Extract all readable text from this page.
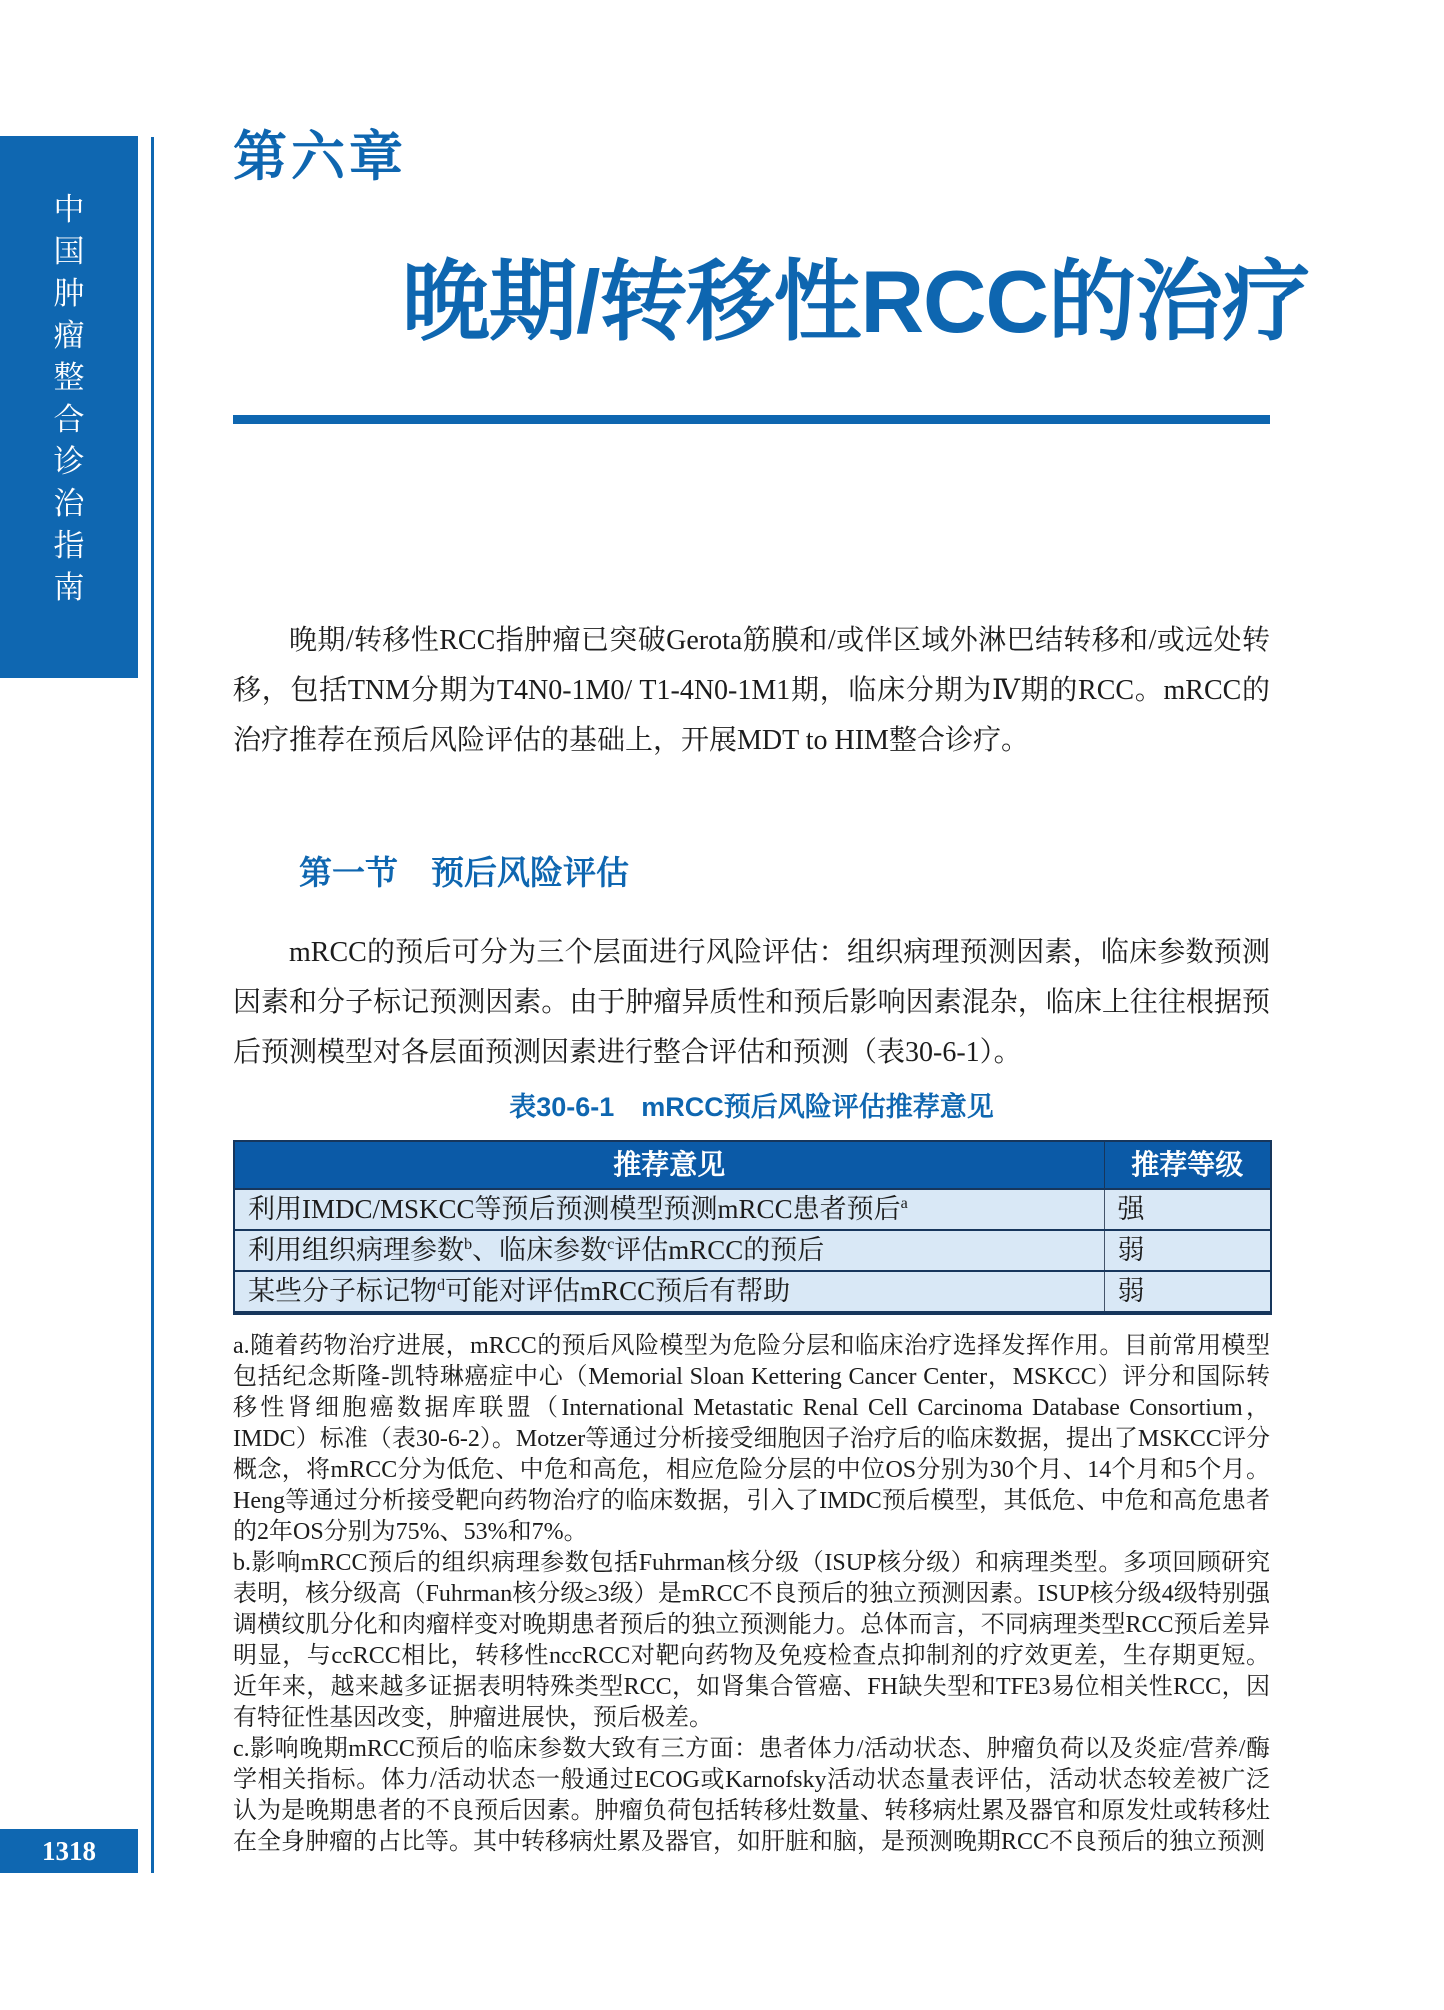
中
国
肿
瘤
整
合
诊
治
指
南
1318
第六章
晚期/转移性RCC的治疗

晚期/转移性RCC指肿瘤已突破Gerota筋膜和/或伴区域外淋巴结转移和/或远处转移，包括TNM分期为T4N0-1M0/ T1-4N0-1M1期，临床分期为Ⅳ期的RCC。mRCC的治疗推荐在预后风险评估的基础上，开展MDT to HIM整合诊疗。

第一节　预后风险评估

mRCC的预后可分为三个层面进行风险评估：组织病理预测因素，临床参数预测因素和分子标记预测因素。由于肿瘤异质性和预后影响因素混杂，临床上往往根据预后预测模型对各层面预测因素进行整合评估和预测（表30-6-1）。

表30-6-1　mRCC预后风险评估推荐意见
推荐意见	推荐等级
利用IMDC/MSKCC等预后预测模型预测mRCC患者预后$^a$	强
利用组织病理参数$^b$、临床参数$^c$评估mRCC的预后	弱
某些分子标记物$^d$可能对评估mRCC预后有帮助	弱

a.随着药物治疗进展，mRCC的预后风险模型为危险分层和临床治疗选择发挥作用。目前常用模型包括纪念斯隆-凯特琳癌症中心（Memorial Sloan Kettering Cancer Center，MSKCC）评分和国际转移性肾细胞癌数据库联盟（International Metastatic Renal Cell Carcinoma Database Consortium，IMDC）标准（表30-6-2）。Motzer等通过分析接受细胞因子治疗后的临床数据，提出了MSKCC评分概念，将mRCC分为低危、中危和高危，相应危险分层的中位OS分别为30个月、14个月和5个月。Heng等通过分析接受靶向药物治疗的临床数据，引入了IMDC预后模型，其低危、中危和高危患者的2年OS分别为75%、53%和7%。

b.影响mRCC预后的组织病理参数包括Fuhrman核分级（ISUP核分级）和病理类型。多项回顾研究表明，核分级高（Fuhrman核分级≥3级）是mRCC不良预后的独立预测因素。ISUP核分级4级特别强调横纹肌分化和肉瘤样变对晚期患者预后的独立预测能力。总体而言，不同病理类型RCC预后差异明显，与ccRCC相比，转移性nccRCC对靶向药物及免疫检查点抑制剂的疗效更差，生存期更短。近年来，越来越多证据表明特殊类型RCC，如肾集合管癌、FH缺失型和TFE3易位相关性RCC，因有特征性基因改变，肿瘤进展快，预后极差。

c.影响晚期mRCC预后的临床参数大致有三方面：患者体力/活动状态、肿瘤负荷以及炎症/营养/酶学相关指标。体力/活动状态一般通过ECOG或Karnofsky活动状态量表评估，活动状态较差被广泛认为是晚期患者的不良预后因素。肿瘤负荷包括转移灶数量、转移病灶累及器官和原发灶或转移灶在全身肿瘤的占比等。其中转移病灶累及器官，如肝脏和脑，是预测晚期RCC不良预后的独立预测
